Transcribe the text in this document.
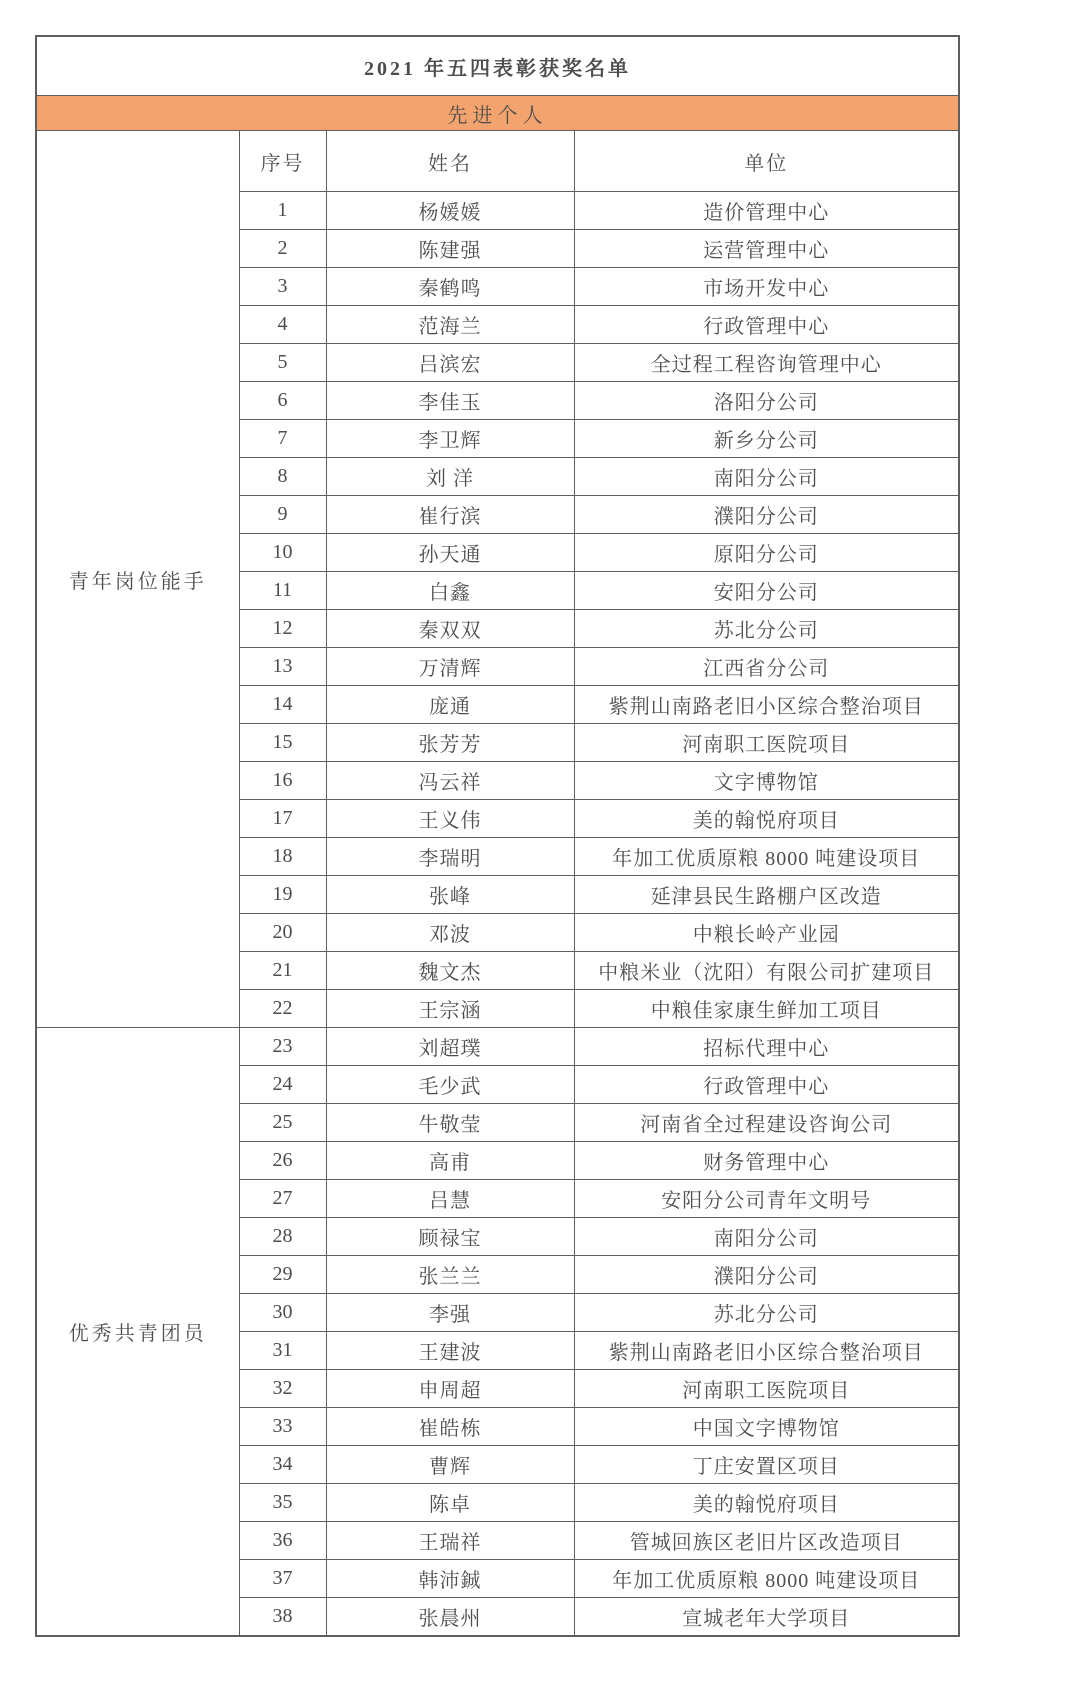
2021 年五四表彰获奖名单			
先进个人			
青年岗位能手	序号	姓名	单位
	1	杨媛媛	造价管理中心
	2	陈建强	运营管理中心
	3	秦鹤鸣	市场开发中心
	4	范海兰	行政管理中心
	5	吕滨宏	全过程工程咨询管理中心
	6	李佳玉	洛阳分公司
	7	李卫辉	新乡分公司
	8	刘 洋	南阳分公司
	9	崔行滨	濮阳分公司
	10	孙天通	原阳分公司
	11	白鑫	安阳分公司
	12	秦双双	苏北分公司
	13	万清辉	江西省分公司
	14	庞通	紫荆山南路老旧小区综合整治项目
	15	张芳芳	河南职工医院项目
	16	冯云祥	文字博物馆
	17	王义伟	美的翰悦府项目
	18	李瑞明	年加工优质原粮 8000 吨建设项目
	19	张峰	延津县民生路棚户区改造
	20	邓波	中粮长岭产业园
	21	魏文杰	中粮米业（沈阳）有限公司扩建项目
	22	王宗涵	中粮佳家康生鲜加工项目
优秀共青团员	23	刘超璞	招标代理中心
	24	毛少武	行政管理中心
	25	牛敬莹	河南省全过程建设咨询公司
	26	高甫	财务管理中心
	27	吕慧	安阳分公司青年文明号
	28	顾禄宝	南阳分公司
	29	张兰兰	濮阳分公司
	30	李强	苏北分公司
	31	王建波	紫荆山南路老旧小区综合整治项目
	32	申周超	河南职工医院项目
	33	崔皓栋	中国文字博物馆
	34	曹辉	丁庄安置区项目
	35	陈卓	美的翰悦府项目
	36	王瑞祥	管城回族区老旧片区改造项目
	37	韩沛鋮	年加工优质原粮 8000 吨建设项目
	38	张晨州	宣城老年大学项目
